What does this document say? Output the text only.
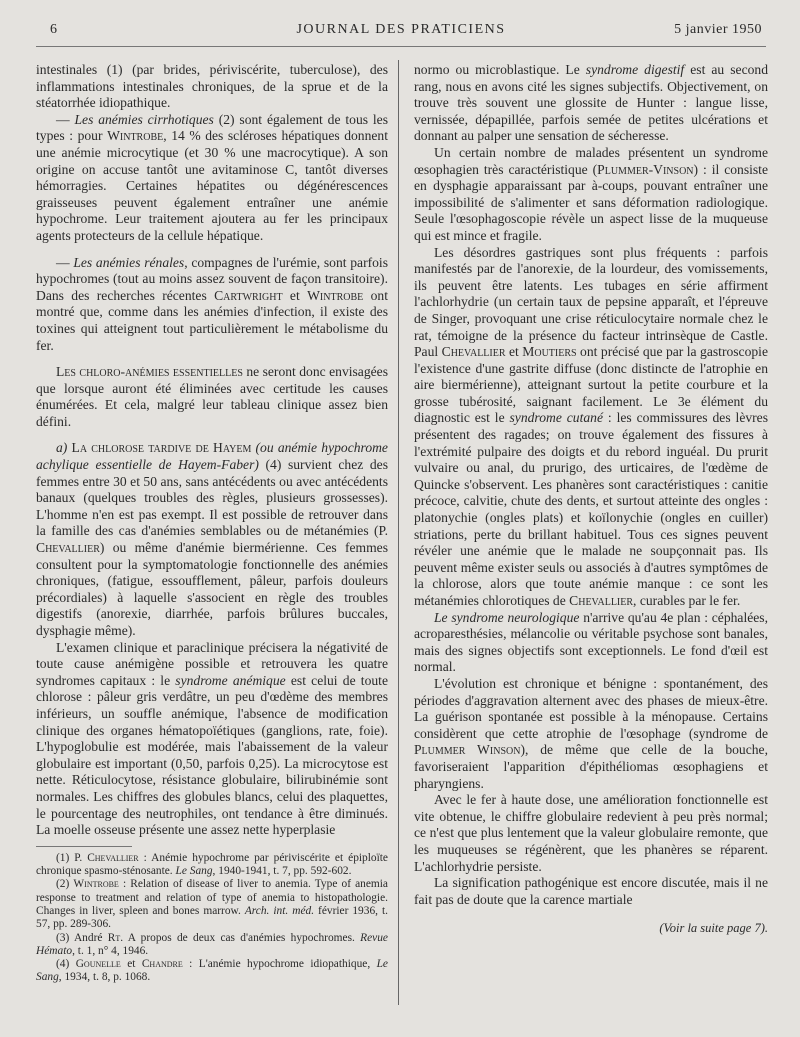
6	JOURNAL DES PRATICIENS	5 janvier 1950

intestinales (1) (par brides, périviscérite, tuberculose), des inflammations intestinales chroniques, de la sprue et de la stéatorrhée idiopathique.

— Les anémies cirrhotiques (2) sont également de tous les types : pour Wintrobe, 14 % des scléroses hépatiques donnent une anémie microcytique (et 30 % une macrocytique). A son origine on accuse tantôt une avitaminose C, tantôt diverses hémorragies. Certaines hépatites ou dégénérescences graisseuses peuvent également entraîner une anémie hypochrome. Leur traitement ajoutera au fer les principaux agents protecteurs de la cellule hépatique.

— Les anémies rénales, compagnes de l'urémie, sont parfois hypochromes (tout au moins assez souvent de façon transitoire). Dans des recherches récentes Cartwright et Wintrobe ont montré que, comme dans les anémies d'infection, il existe des toxines qui atteignent tout particulièrement le métabolisme du fer.

Les chloro-anémies essentielles ne seront donc envisagées que lorsque auront été éliminées avec certitude les causes énumérées. Et cela, malgré leur tableau clinique assez bien défini.

a) La chlorose tardive de Hayem (ou anémie hypochrome achylique essentielle de Hayem-Faber) (4) survient chez des femmes entre 30 et 50 ans, sans antécédents ou avec antécédents banaux (quelques troubles des règles, plusieurs grossesses). L'homme n'en est pas exempt. Il est possible de retrouver dans la famille des cas d'anémies semblables ou de métanémies (P. Chevallier) ou même d'anémie biermérienne. Ces femmes consultent pour la symptomatologie fonctionnelle des anémies chroniques, (fatigue, essoufflement, pâleur, parfois douleurs précordiales) à laquelle s'associent en règle des troubles digestifs (anorexie, diarrhée, parfois brûlures buccales, dysphagie même).

L'examen clinique et paraclinique précisera la négativité de toute cause anémigène possible et retrouvera les quatre syndromes capitaux : le syndrome anémique est celui de toute chlorose : pâleur gris verdâtre, un peu d'œdème des membres inférieurs, un souffle anémique, l'absence de modification clinique des organes hématopoïétiques (ganglions, rate, foie). L'hypoglobulie est modérée, mais l'abaissement de la valeur globulaire est important (0,50, parfois 0,25). La microcytose est nette. Réticulocytose, résistance globulaire, bilirubinémie sont normales. Les chiffres des globules blancs, celui des plaquettes, le pourcentage des neutrophiles, ont tendance à être diminués. La moelle osseuse présente une assez nette hyperplasie

(1) P. Chevallier : Anémie hypochrome par périviscérite et épiploïte chronique spasmo-sténosante. Le Sang, 1940-1941, t. 7, pp. 592-602.

(2) Wintrobe : Relation of disease of liver to anemia. Type of anemia response to treatment and relation of type of anemia to histopathologie. Changes in liver, spleen and bones marrow. Arch. int. méd. février 1936, t. 57, pp. 289-306.

(3) André Rt. A propos de deux cas d'anémies hypochromes. Revue Hémato, t. 1, n° 4, 1946.

(4) Gounelle et Chandre : L'anémie hypochrome idiopathique, Le Sang, 1934, t. 8, p. 1068.

normo ou microblastique. Le syndrome digestif est au second rang, nous en avons cité les signes subjectifs. Objectivement, on trouve très souvent une glossite de Hunter : langue lisse, vernissée, dépapillée, parfois semée de petites ulcérations et donnant au palper une sensation de sécheresse.

Un certain nombre de malades présentent un syndrome œsophagien très caractéristique (Plummer-Vinson) : il consiste en dysphagie apparaissant par à-coups, pouvant entraîner une impossibilité de s'alimenter et sans déformation radiologique. Seule l'œsophagoscopie révèle un aspect lisse de la muqueuse qui est mince et fragile.

Les désordres gastriques sont plus fréquents : parfois manifestés par de l'anorexie, de la lourdeur, des vomissements, ils peuvent être latents. Les tubages en série affirment l'achlorhydrie (un certain taux de pepsine apparaît, et l'épreuve de Singer, provoquant une crise réticulocytaire normale chez le rat, témoigne de la présence du facteur intrinsèque de Castle. Paul Chevallier et Moutiers ont précisé que par la gastroscopie l'existence d'une gastrite diffuse (donc distincte de l'atrophie en aire biermérienne), atteignant surtout la petite courbure et la grosse tubérosité, saignant facilement. Le 3e élément du diagnostic est le syndrome cutané : les commissures des lèvres présentent des ragades; on trouve également des fissures à l'extrémité pulpaire des doigts et du rebord inguéal. Du prurit vulvaire ou anal, du prurigo, des urticaires, de l'œdème de Quincke s'observent. Les phanères sont caractéristiques : canitie précoce, calvitie, chute des dents, et surtout atteinte des ongles : platonychie (ongles plats) et koïlonychie (ongles en cuiller) striations, perte du brillant habituel. Tous ces signes peuvent révéler une anémie que le malade ne soupçonnait pas. Ils peuvent même exister seuls ou associés à d'autres symptômes de la chlorose, alors que toute anémie manque : ce sont les métanémies chlorotiques de Chevallier, curables par le fer.

Le syndrome neurologique n'arrive qu'au 4e plan : céphalées, acroparesthésies, mélancolie ou véritable psychose sont banales, mais des signes objectifs sont exceptionnels. Le fond d'œil est normal.

L'évolution est chronique et bénigne : spontanément, des périodes d'aggravation alternent avec des phases de mieux-être. La guérison spontanée est possible à la ménopause. Certains considèrent que cette atrophie de l'œsophage (syndrome de Plummer Winson), de même que celle de la bouche, favoriseraient l'apparition d'épithéliomas œsophagiens et pharyngiens.

Avec le fer à haute dose, une amélioration fonctionnelle est vite obtenue, le chiffre globulaire redevient à peu près normal; ce n'est que plus lentement que la valeur globulaire remonte, que les muqueuses se régénèrent, que les phanères se réparent. L'achlorhydrie persiste.

La signification pathogénique est encore discutée, mais il ne fait pas de doute que la carence martiale

(Voir la suite page 7).
